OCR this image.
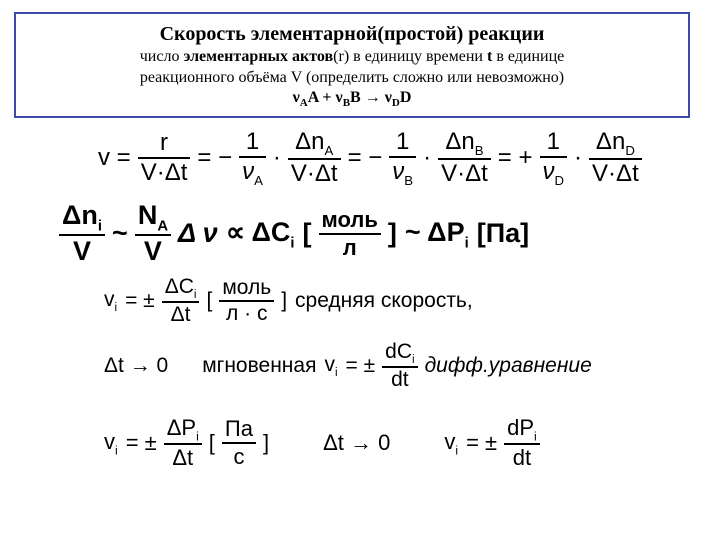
Скорость элементарной(простой) реакции
число элементарных актов(r) в единицу времени t в единице
реакционного объёма V (определить сложно или невозможно)
$\nu_AA + \nu_BB \to \nu_DD$
$v = \frac{r}{V\cdot\Delta t}$ = − $\frac{1}{\nu_A} \cdot \frac{\Delta n_A}{V\cdot\Delta t}$ = − $\frac{1}{\nu_B} \cdot \frac{\Delta n_B}{V\cdot\Delta t}$ = + $\frac{1}{\nu_D} \cdot \frac{\Delta n_D}{V\cdot\Delta t}$
$\frac{\Delta n_i}{V}$ ~ $\frac{N_A}{V}$ Δ $\nu \propto \Delta C_i$ [ $\frac{\text{моль}}{л}$ ] ~ $\Delta P_i$ [Па]
$v_i$ = ± $\frac{\Delta C_i}{\Delta t}$ [ $\frac{\text{моль}}{л \cdot с}$ ] средняя скорость,
Δt → 0 мгновенная $v_i$ = ± $\frac{dC_i}{dt}$ дифф.уравнение
$v_i$ = ± $\frac{\Delta P_i}{\Delta t}$ [ $\frac{Па}{с}$ ] Δt → 0 $v_i$ = ± $\frac{dP_i}{dt}$
